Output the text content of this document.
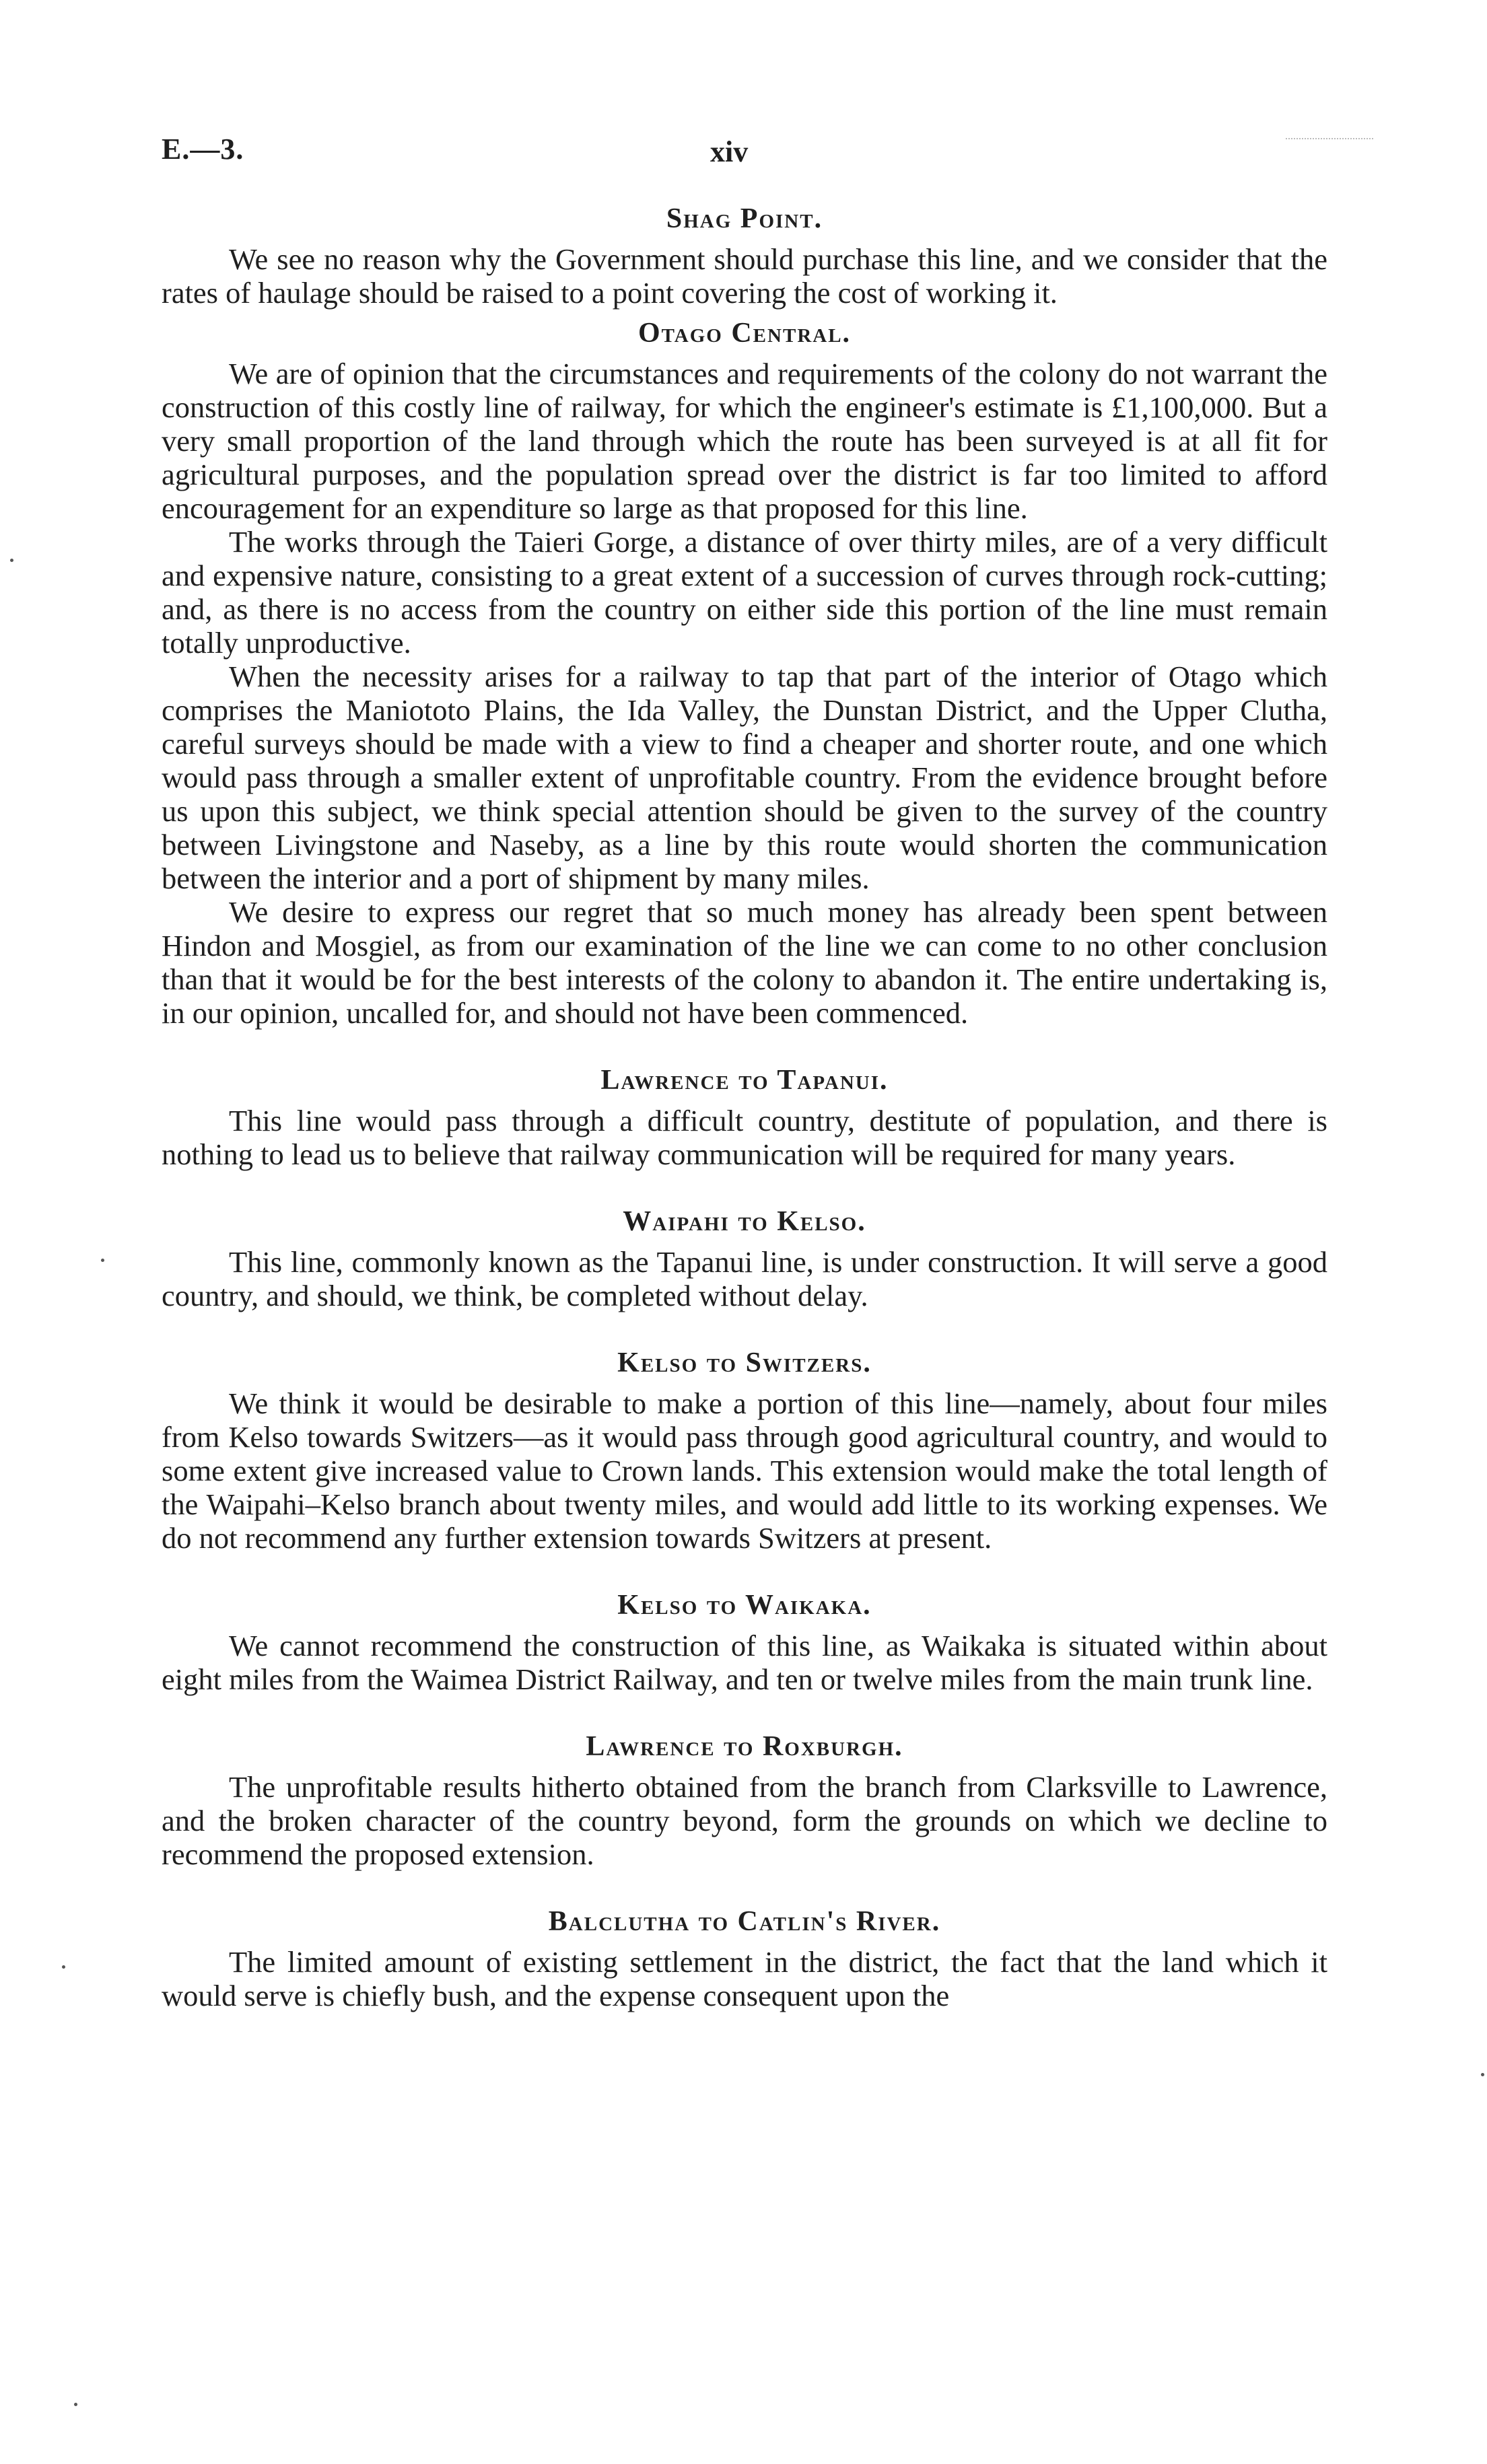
E.—3.	xiv
Shag Point.

We see no reason why the Government should purchase this line, and we consider that the rates of haulage should be raised to a point covering the cost of working it.

Otago Central.

We are of opinion that the circumstances and requirements of the colony do not warrant the construction of this costly line of railway, for which the engineer's estimate is £1,100,000. But a very small proportion of the land through which the route has been surveyed is at all fit for agricultural purposes, and the population spread over the district is far too limited to afford encouragement for an expenditure so large as that proposed for this line.

The works through the Taieri Gorge, a distance of over thirty miles, are of a very difficult and expensive nature, consisting to a great extent of a succession of curves through rock-cutting; and, as there is no access from the country on either side this portion of the line must remain totally unproductive.

When the necessity arises for a railway to tap that part of the interior of Otago which comprises the Maniototo Plains, the Ida Valley, the Dunstan District, and the Upper Clutha, careful surveys should be made with a view to find a cheaper and shorter route, and one which would pass through a smaller extent of unprofitable country. From the evidence brought before us upon this subject, we think special attention should be given to the survey of the country between Livingstone and Naseby, as a line by this route would shorten the communication between the interior and a port of shipment by many miles.

We desire to express our regret that so much money has already been spent between Hindon and Mosgiel, as from our examination of the line we can come to no other conclusion than that it would be for the best interests of the colony to abandon it. The entire undertaking is, in our opinion, uncalled for, and should not have been commenced.

Lawrence to Tapanui.

This line would pass through a difficult country, destitute of population, and there is nothing to lead us to believe that railway communication will be required for many years.

Waipahi to Kelso.

This line, commonly known as the Tapanui line, is under construction. It will serve a good country, and should, we think, be completed without delay.

Kelso to Switzers.

We think it would be desirable to make a portion of this line—namely, about four miles from Kelso towards Switzers—as it would pass through good agricultural country, and would to some extent give increased value to Crown lands. This extension would make the total length of the Waipahi–Kelso branch about twenty miles, and would add little to its working expenses. We do not recommend any further extension towards Switzers at present.

Kelso to Waikaka.

We cannot recommend the construction of this line, as Waikaka is situated within about eight miles from the Waimea District Railway, and ten or twelve miles from the main trunk line.

Lawrence to Roxburgh.

The unprofitable results hitherto obtained from the branch from Clarksville to Lawrence, and the broken character of the country beyond, form the grounds on which we decline to recommend the proposed extension.

Balclutha to Catlin's River.

The limited amount of existing settlement in the district, the fact that the land which it would serve is chiefly bush, and the expense consequent upon the
